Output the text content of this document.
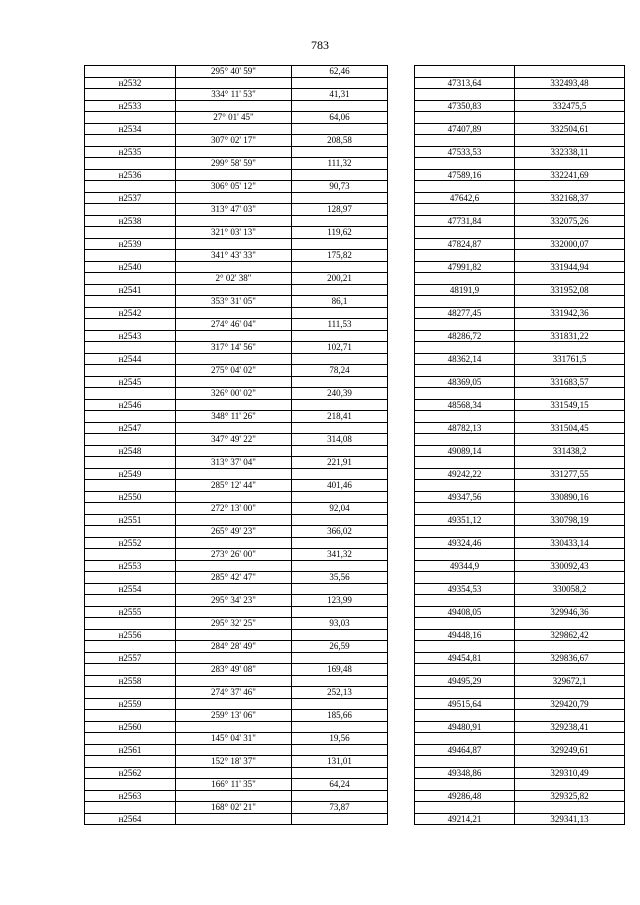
783
	295° 40' 59"	62,46			
н2532				47313,64	332493,48
	334° 11' 53"	41,31			
н2533				47350,83	332475,5
	27° 01' 45"	64,06			
н2534				47407,89	332504,61
	307° 02' 17"	208,58			
н2535				47533,53	332338,11
	299° 58' 59"	111,32			
н2536				47589,16	332241,69
	306° 05' 12"	90,73			
н2537				47642,6	332168,37
	313° 47' 03"	128,97			
н2538				47731,84	332075,26
	321° 03' 13"	119,62			
н2539				47824,87	332000,07
	341° 43' 33"	175,82			
н2540				47991,82	331944,94
	2° 02' 38"	200,21			
н2541				48191,9	331952,08
	353° 31' 05"	86,1			
н2542				48277,45	331942,36
	274° 46' 04"	111,53			
н2543				48286,72	331831,22
	317° 14' 56"	102,71			
н2544				48362,14	331761,5
	275° 04' 02"	78,24			
н2545				48369,05	331683,57
	326° 00' 02"	240,39			
н2546				48568,34	331549,15
	348° 11' 26"	218,41			
н2547				48782,13	331504,45
	347° 49' 22"	314,08			
н2548				49089,14	331438,2
	313° 37' 04"	221,91			
н2549				49242,22	331277,55
	285° 12' 44"	401,46			
н2550				49347,56	330890,16
	272° 13' 00"	92,04			
н2551				49351,12	330798,19
	265° 49' 23"	366,02			
н2552				49324,46	330433,14
	273° 26' 00"	341,32			
н2553				49344,9	330092,43
	285° 42' 47"	35,56			
н2554				49354,53	330058,2
	295° 34' 23"	123,99			
н2555				49408,05	329946,36
	295° 32' 25"	93,03			
н2556				49448,16	329862,42
	284° 28' 49"	26,59			
н2557				49454,81	329836,67
	283° 49' 08"	169,48			
н2558				49495,29	329672,1
	274° 37' 46"	252,13			
н2559				49515,64	329420,79
	259° 13' 06"	185,66			
н2560				49480,91	329238,41
	145° 04' 31"	19,56			
н2561				49464,87	329249,61
	152° 18' 37"	131,01			
н2562				49348,86	329310,49
	166° 11' 35"	64,24			
н2563				49286,48	329325,82
	168° 02' 21"	73,87			
н2564				49214,21	329341,13
